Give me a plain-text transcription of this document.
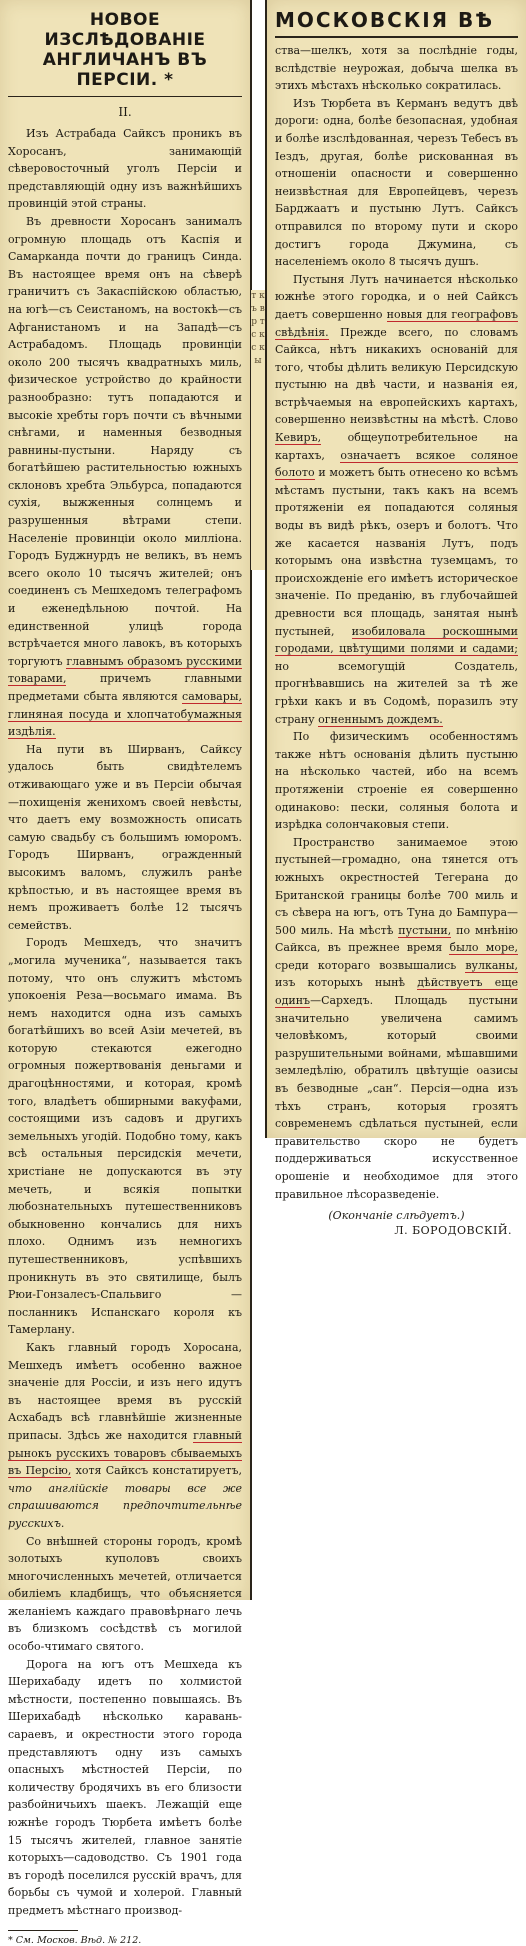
НОВОЕ ИЗСЛѢДОВАНІЕ АНГЛИЧАНЪ ВЪ ПЕРСІИ. *
II.

Изъ Астрабада Сайксъ проникъ въ Хоросанъ, занимающій сѣверовосточный уголъ Персіи и представляющій одну изъ важнѣйшихъ провинцій этой страны.

Въ древности Хоросанъ занималъ огромную площадь отъ Каспія и Самарканда почти до границъ Синда. Въ настоящее время онъ на сѣверѣ граничитъ съ Закаспійскою областью, на югѣ—съ Сеистаномъ, на востокѣ—съ Афганистаномъ и на Западѣ—съ Астрабадомъ. Площадь провинціи около 200 тысячъ квадратныхъ миль, физическое устройство до крайности разнообразно: тутъ попадаются и высокіе хребты горъ почти съ вѣчными снѣгами, и наменныя безводныя равнины-пустыни. Наряду съ богатѣйшею растительностью южныхъ склоновъ хребта Эльбурса, попадаются сухія, выжженныя солнцемъ и разрушенныя вѣтрами степи. Населеніе провинціи около милліона. Городъ Буджнурдъ не великъ, въ немъ всего около 10 тысячъ жителей; онъ соединенъ съ Мешхедомъ телеграфомъ и еженедѣльною почтой. На единственной улицѣ города встрѣчается много лавокъ, въ которыхъ торгуютъ главнымъ образомъ русскими товарами, причемъ главными предметами сбыта являются самовары, глиняная посуда и хлопчатобумажныя издѣлія.

На пути въ Ширванъ, Сайксу удалось быть свидѣтелемъ отживающаго уже и въ Персіи обычая—похищенія женихомъ своей невѣсты, что даетъ ему возможность описать самую свадьбу съ большимъ юморомъ. Городъ Ширванъ, огражденный высокимъ валомъ, служилъ ранѣе крѣпостью, и въ настоящее время въ немъ проживаетъ болѣе 12 тысячъ семействъ.

Городъ Мешхедъ, что значитъ „могила мученика“, называется такъ потому, что онъ служитъ мѣстомъ упокоенія Реза—восьмаго имама. Въ немъ находится одна изъ самыхъ богатѣйшихъ во всей Азіи мечетей, въ которую стекаются ежегодно огромныя пожертвованія деньгами и драгоцѣнностями, и которая, кромѣ того, владѣетъ обширными вакуфами, состоящими изъ садовъ и другихъ земельныхъ угодій. Подобно тому, какъ всѣ остальныя персидскія мечети, христіане не допускаются въ эту мечеть, и всякія попытки любознательныхъ путешественниковъ обыкновенно кончались для нихъ плохо. Однимъ изъ немногихъ путешественниковъ, успѣвшихъ проникнуть въ это святилище, былъ Рюи-Гонзалесъ-Спальвиго — посланникъ Испанскаго короля къ Тамерлану.

Какъ главный городъ Хоросана, Мешхедъ имѣетъ особенно важное значеніе для Россіи, и изъ него идутъ въ настоящее время въ русскій Асхабадъ всѣ главнѣйшіе жизненные припасы. Здѣсь же находится главный рынокъ русскихъ товаровъ сбываемыхъ въ Персію, хотя Сайксъ констатируетъ, что англійскіе товары все же спрашиваются предпочтительнѣе русскихъ.

Со внѣшней стороны городъ, кромѣ золотыхъ куполовъ своихъ многочисленныхъ мечетей, отличается обиліемъ кладбищъ, что объясняется желаніемъ каждаго правовѣрнаго лечь въ близкомъ сосѣдствѣ съ могилой особо-чтимаго святого.

Дорога на югъ отъ Мешхеда къ Шерихабаду идетъ по холмистой мѣстности, постепенно повышаясь. Въ Шерихабадѣ нѣсколько каравань-сараевъ, и окрестности этого города представляютъ одну изъ самыхъ опасныхъ мѣстностей Персіи, по количеству бродячихъ въ его близости разбойничьихъ шаекъ. Лежащій еще южнѣе городъ Тюрбета имѣетъ болѣе 15 тысячъ жителей, главное занятіе которыхъ—садоводство. Съ 1901 года въ городѣ поселился русскій врачъ, для борьбы съ чумой и холерой. Главный предметъ мѣстнаго производ-

* См. Москов. Вѣд. № 212.

т к ъ в р т с к с к ы
МОСКОВСКІЯ ВѢ

ства—шелкъ, хотя за послѣдніе годы, вслѣдствіе неурожая, добыча шелка въ этихъ мѣстахъ нѣсколько сократилась.

Изъ Тюрбета въ Керманъ ведутъ двѣ дороги: одна, болѣе безопасная, удобная и болѣе изслѣдованная, черезъ Тебесъ въ Іездъ, другая, болѣе рискованная въ отношеніи опасности и совершенно неизвѣстная для Европейцевъ, черезъ Барджаатъ и пустыню Лутъ. Сайксъ отправился по второму пути и скоро достигъ города Джумина, съ населеніемъ около 8 тысячъ душъ.

Пустыня Лутъ начинается нѣсколько южнѣе этого городка, и о ней Сайксъ даетъ совершенно новыя для географовъ свѣдѣнія. Прежде всего, по словамъ Сайкса, нѣтъ никакихъ основаній для того, чтобы дѣлить великую Персидскую пустыню на двѣ части, и названія ея, встрѣчаемыя на европейскихъ картахъ, совершенно неизвѣстны на мѣстѣ. Слово Кевиръ, общеупотребительное на картахъ, означаетъ всякое соляное болото и можетъ быть отнесено ко всѣмъ мѣстамъ пустыни, такъ какъ на всемъ протяженіи ея попадаются соляныя воды въ видѣ рѣкъ, озеръ и болотъ. Что же касается названія Лутъ, подъ которымъ она извѣстна туземцамъ, то происхожденіе его имѣетъ историческое значеніе. По преданію, въ глубочайшей древности вся площадь, занятая нынѣ пустыней, изобиловала роскошными городами, цвѣтущими полями и садами; но всемогущій Создатель, прогнѣвавшись на жителей за тѣ же грѣхи какъ и въ Содомѣ, поразилъ эту страну огненнымъ дождемъ.

По физическимъ особенностямъ также нѣтъ основанія дѣлить пустыню на нѣсколько частей, ибо на всемъ протяженіи строеніе ея совершенно одинаково: пески, соляныя болота и изрѣдка солончаковыя степи.

Пространство занимаемое этою пустыней—громадно, она тянется отъ южныхъ окрестностей Тегерана до Британской границы болѣе 700 миль и съ сѣвера на югъ, отъ Туна до Бампура—500 миль. На мѣстѣ пустыни, по мнѣнію Сайкса, въ прежнее время было море, среди котораго возвышались вулканы, изъ которыхъ нынѣ дѣйствуетъ еще одинъ—Сархедъ. Площадь пустыни значительно увеличена самимъ человѣкомъ, который своими разрушительными войнами, мѣшавшими земледѣлію, обратилъ цвѣтущіе оазисы въ безводные „сан“. Персія—одна изъ тѣхъ странъ, которыя грозятъ современемъ сдѣлаться пустыней, если правительство скоро не будетъ поддерживаться искусственное орошеніе и необходимое для этого правильное лѣсоразведеніе.

(Окончаніе слѣдуетъ.)

Л. БОРОДОВСКІЙ.
